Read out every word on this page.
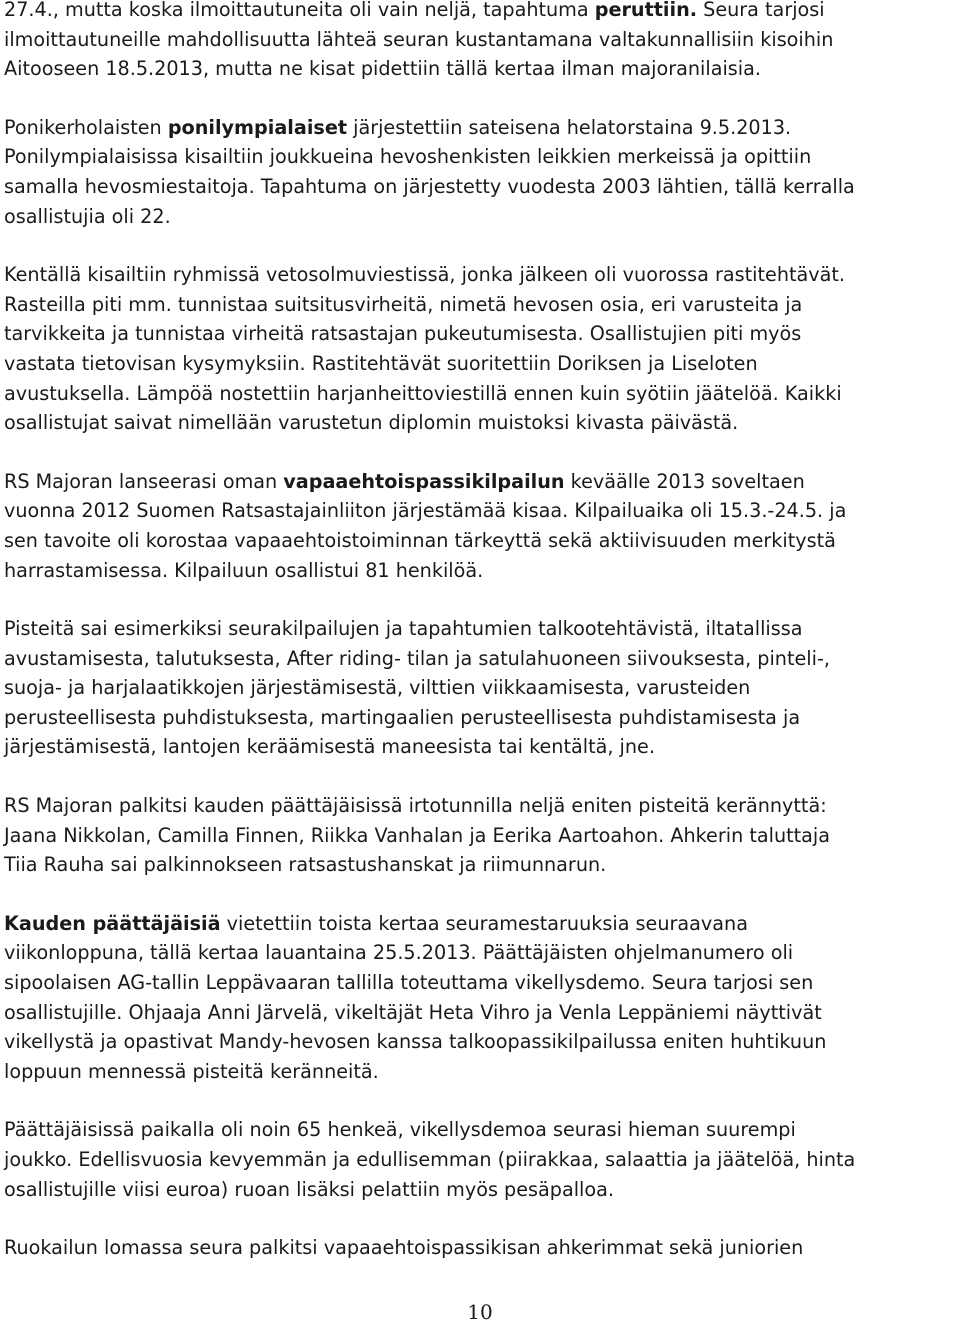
27.4., mutta koska ilmoittautuneita oli vain neljä, tapahtuma peruttiin. Seura tarjosi
ilmoittautuneille mahdollisuutta lähteä seuran kustantamana valtakunnallisiin kisoihin
Aitooseen 18.5.2013, mutta ne kisat pidettiin tällä kertaa ilman majoranilaisia.

Ponikerholaisten ponilympialaiset järjestettiin sateisena helatorstaina 9.5.2013.
Ponilympialaisissa kisailtiin joukkueina hevoshenkisten leikkien merkeissä ja opittiin
samalla hevosmiestaitoja. Tapahtuma on järjestetty vuodesta 2003 lähtien, tällä kerralla
osallistujia oli 22.

Kentällä kisailtiin ryhmissä vetosolmuviestissä, jonka jälkeen oli vuorossa rastitehtävät.
Rasteilla piti mm. tunnistaa suitsitusvirheitä, nimetä hevosen osia, eri varusteita ja
tarvikkeita ja tunnistaa virheitä ratsastajan pukeutumisesta. Osallistujien piti myös
vastata tietovisan kysymyksiin. Rastitehtävät suoritettiin Doriksen ja Liseloten
avustuksella. Lämpöä nostettiin harjanheittoviestillä ennen kuin syötiin jäätelöä. Kaikki
osallistujat saivat nimellään varustetun diplomin muistoksi kivasta päivästä.

RS Majoran lanseerasi oman vapaaehtoispassikilpailun keväälle 2013 soveltaen
vuonna 2012 Suomen Ratsastajainliiton järjestämää kisaa. Kilpailuaika oli 15.3.-24.5. ja
sen tavoite oli korostaa vapaaehtoistoiminnan tärkeyttä sekä aktiivisuuden merkitystä
harrastamisessa. Kilpailuun osallistui 81 henkilöä.

Pisteitä sai esimerkiksi seurakilpailujen ja tapahtumien talkootehtävistä, iltatallissa
avustamisesta, talutuksesta, After riding- tilan ja satulahuoneen siivouksesta, pinteli-,
suoja- ja harjalaatikkojen järjestämisestä, vilttien viikkaamisesta, varusteiden
perusteellisesta puhdistuksesta, martingaalien perusteellisesta puhdistamisesta ja
järjestämisestä, lantojen keräämisestä maneesista tai kentältä, jne.

RS Majoran palkitsi kauden päättäjäisissä irtotunnilla neljä eniten pisteitä kerännyttä:
Jaana Nikkolan, Camilla Finnen, Riikka Vanhalan ja Eerika Aartoahon. Ahkerin taluttaja
Tiia Rauha sai palkinnokseen ratsastushanskat ja riimunnarun.

Kauden päättäjäisiä vietettiin toista kertaa seuramestaruuksia seuraavana
viikonloppuna, tällä kertaa lauantaina 25.5.2013. Päättäjäisten ohjelmanumero oli
sipoolaisen AG-tallin Leppävaaran tallilla toteuttama vikellysdemo. Seura tarjosi sen
osallistujille. Ohjaaja Anni Järvelä, vikeltäjät Heta Vihro ja Venla Leppäniemi näyttivät
vikellystä ja opastivat Mandy-hevosen kanssa talkoopassikilpailussa eniten huhtikuun
loppuun mennessä pisteitä keränneitä.

Päättäjäisissä paikalla oli noin 65 henkeä, vikellysdemoa seurasi hieman suurempi
joukko. Edellisvuosia kevyemmän ja edullisemman (piirakkaa, salaattia ja jäätelöä, hinta
osallistujille viisi euroa) ruoan lisäksi pelattiin myös pesäpalloa.

Ruokailun lomassa seura palkitsi vapaaehtoispassikisan ahkerimmat sekä juniorien

10
